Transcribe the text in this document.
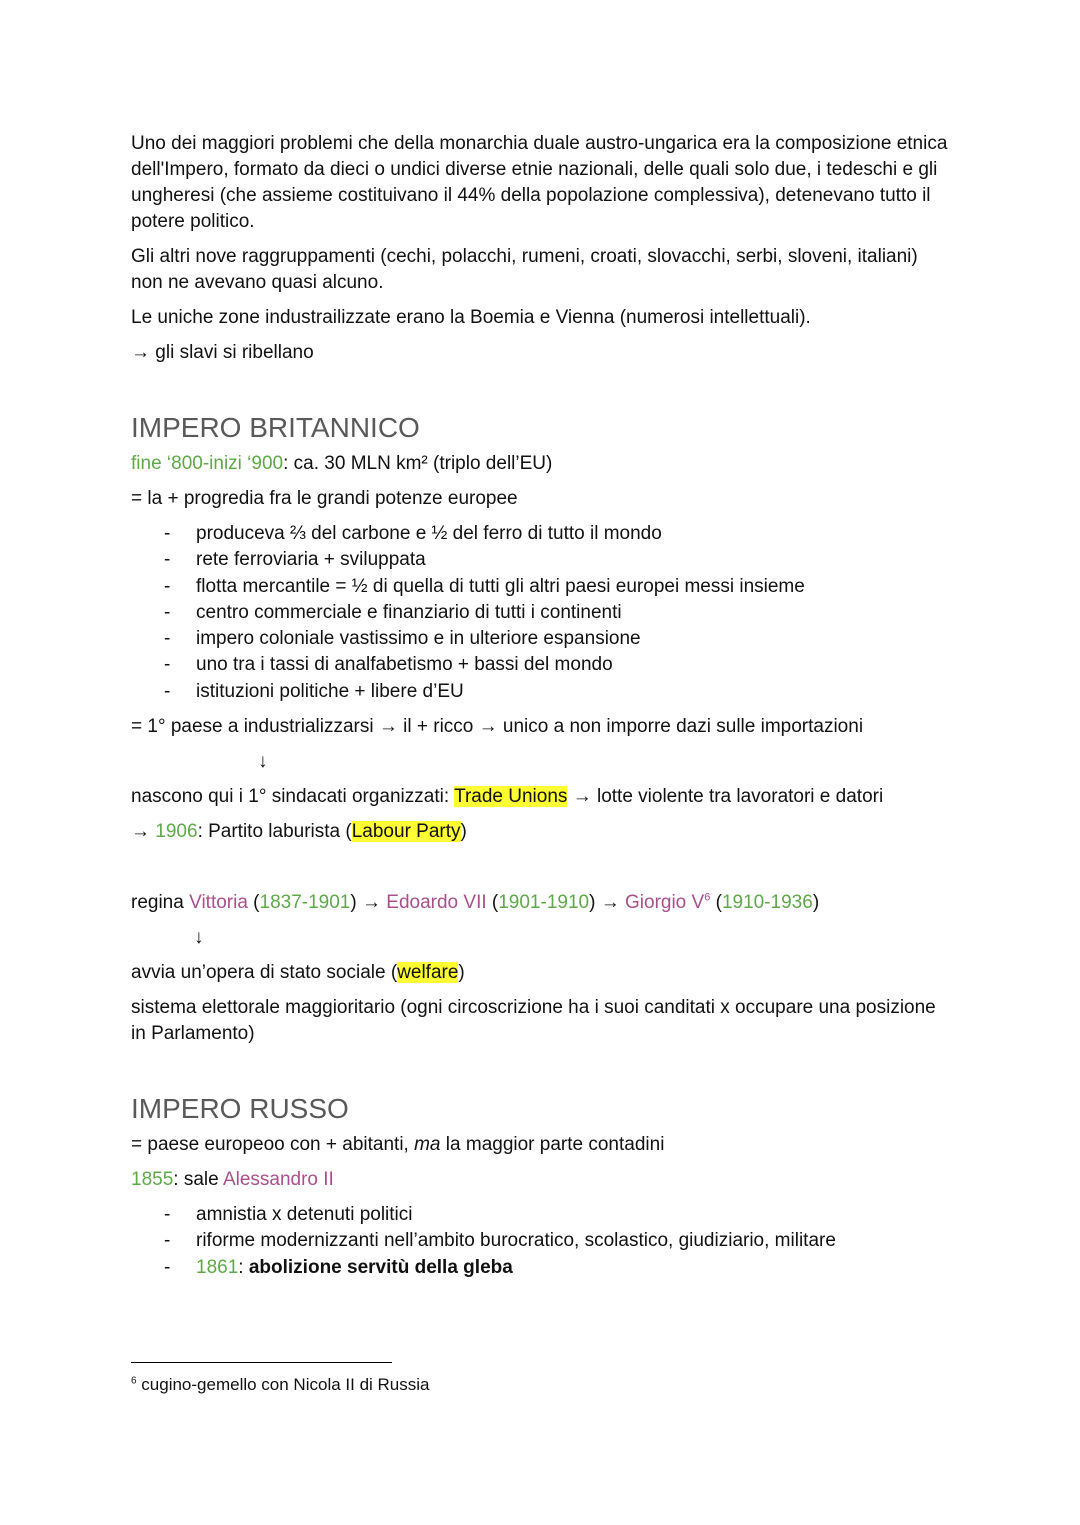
Uno dei maggiori problemi che della monarchia duale austro-ungarica era la composizione etnica dell'Impero, formato da dieci o undici diverse etnie nazionali, delle quali solo due, i tedeschi e gli ungheresi (che assieme costituivano il 44% della popolazione complessiva), detenevano tutto il potere politico.

Gli altri nove raggruppamenti (cechi, polacchi, rumeni, croati, slovacchi, serbi, sloveni, italiani) non ne avevano quasi alcuno.

Le uniche zone industrailizzate erano la Boemia e Vienna (numerosi intellettuali).

→ gli slavi si ribellano

IMPERO BRITANNICO

fine ‘800-inizi ‘900: ca. 30 MLN km² (triplo dell’EU)

= la + progredia fra le grandi potenze europee

- produceva ⅔ del carbone e ½ del ferro di tutto il mondo
- rete ferroviaria + sviluppata
- flotta mercantile = ½ di quella di tutti gli altri paesi europei messi insieme
- centro commerciale e finanziario di tutti i continenti
- impero coloniale vastissimo e in ulteriore espansione
- uno tra i tassi di analfabetismo + bassi del mondo
- istituzioni politiche + libere d’EU

= 1° paese a industrializzarsi → il + ricco → unico a non imporre dazi sulle importazioni

↓

nascono qui i 1° sindacati organizzati: Trade Unions → lotte violente tra lavoratori e datori

→ 1906: Partito laburista (Labour Party)

regina Vittoria (1837-1901) → Edoardo VII (1901-1910) → Giorgio $V^6$ (1910-1936)

↓

avvia un’opera di stato sociale (welfare)

sistema elettorale maggioritario (ogni circoscrizione ha i suoi canditati x occupare una posizione in Parlamento)

IMPERO RUSSO

= paese europeoo con + abitanti, ma la maggior parte contadini

1855: sale Alessandro II

- amnistia x detenuti politici
- riforme modernizzanti nell’ambito burocratico, scolastico, giudiziario, militare
- 1861: abolizione servitù della gleba
$^6$ cugino-gemello con Nicola II di Russia
